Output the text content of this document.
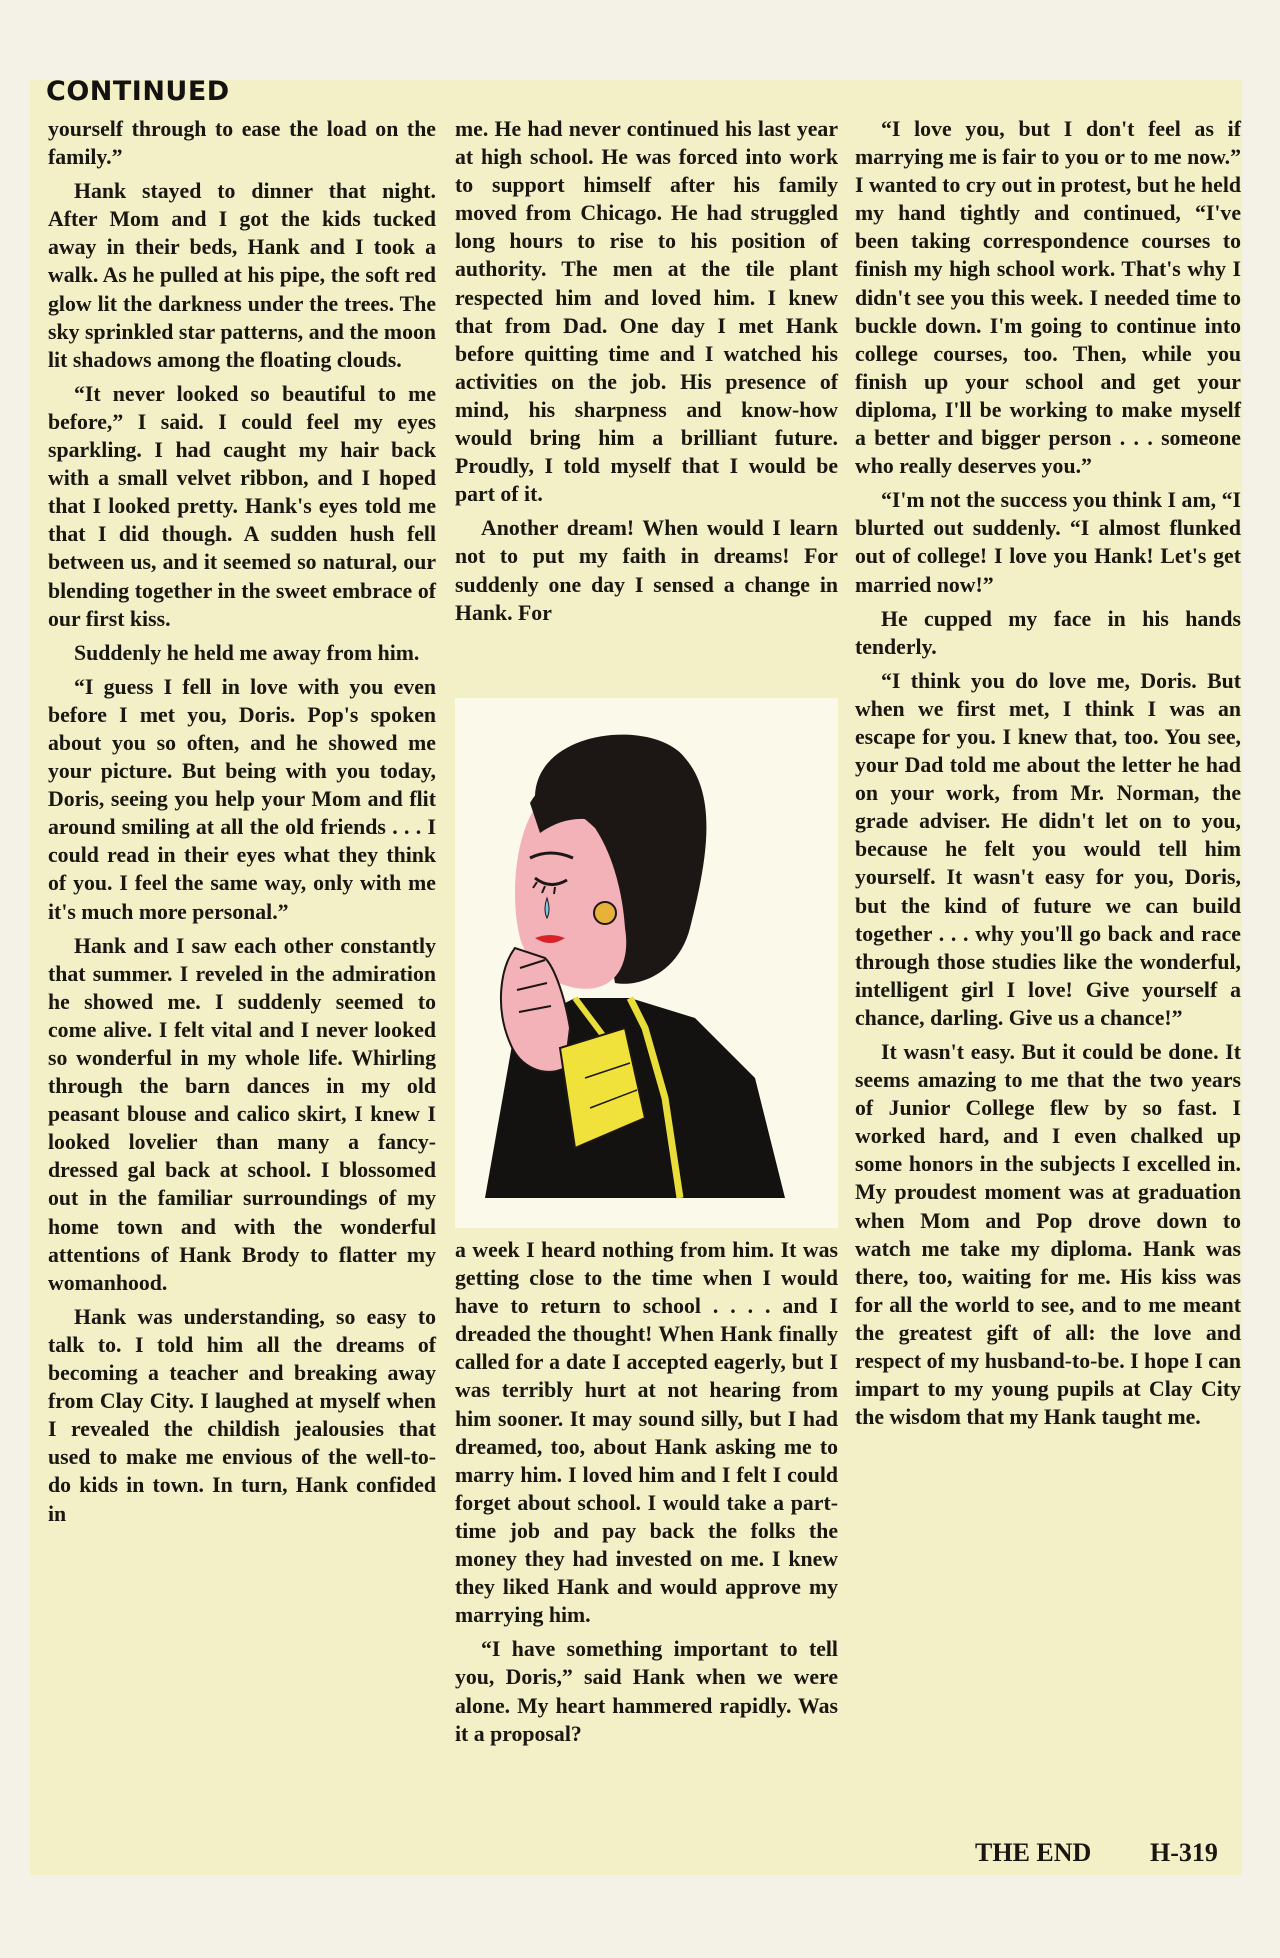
CONTINUED

yourself through to ease the load on the family.”

Hank stayed to dinner that night. After Mom and I got the kids tucked away in their beds, Hank and I took a walk. As he pulled at his pipe, the soft red glow lit the darkness under the trees. The sky sprinkled star patterns, and the moon lit shadows among the floating clouds.

“It never looked so beautiful to me before,” I said. I could feel my eyes sparkling. I had caught my hair back with a small velvet ribbon, and I hoped that I looked pretty. Hank's eyes told me that I did though. A sudden hush fell between us, and it seemed so natural, our blending together in the sweet embrace of our first kiss.

Suddenly he held me away from him.

“I guess I fell in love with you even before I met you, Doris. Pop's spoken about you so often, and he showed me your picture. But being with you today, Doris, seeing you help your Mom and flit around smiling at all the old friends . . . I could read in their eyes what they think of you. I feel the same way, only with me it's much more personal.”

Hank and I saw each other constantly that summer. I reveled in the admiration he showed me. I suddenly seemed to come alive. I felt vital and I never looked so wonderful in my whole life. Whirling through the barn dances in my old peasant blouse and calico skirt, I knew I looked lovelier than many a fancy-dressed gal back at school. I blossomed out in the familiar surroundings of my home town and with the wonderful attentions of Hank Brody to flatter my womanhood.

Hank was understanding, so easy to talk to. I told him all the dreams of becoming a teacher and breaking away from Clay City. I laughed at myself when I revealed the childish jealousies that used to make me envious of the well-to-do kids in town. In turn, Hank confided in

me. He had never continued his last year at high school. He was forced into work to support himself after his family moved from Chicago. He had struggled long hours to rise to his position of authority. The men at the tile plant respected him and loved him. I knew that from Dad. One day I met Hank before quitting time and I watched his activities on the job. His presence of mind, his sharpness and know-how would bring him a brilliant future. Proudly, I told myself that I would be part of it.

Another dream! When would I learn not to put my faith in dreams! For suddenly one day I sensed a change in Hank. For

a week I heard nothing from him. It was getting close to the time when I would have to return to school . . . . and I dreaded the thought! When Hank finally called for a date I accepted eagerly, but I was terribly hurt at not hearing from him sooner. It may sound silly, but I had dreamed, too, about Hank asking me to marry him. I loved him and I felt I could forget about school. I would take a part-time job and pay back the folks the money they had invested on me. I knew they liked Hank and would approve my marrying him.

“I have something important to tell you, Doris,” said Hank when we were alone. My heart hammered rapidly. Was it a proposal?

“I love you, but I don't feel as if marrying me is fair to you or to me now.” I wanted to cry out in protest, but he held my hand tightly and continued, “I've been taking correspondence courses to finish my high school work. That's why I didn't see you this week. I needed time to buckle down. I'm going to continue into college courses, too. Then, while you finish up your school and get your diploma, I'll be working to make myself a better and bigger person . . . someone who really deserves you.”

“I'm not the success you think I am, “I blurted out suddenly. “I almost flunked out of college! I love you Hank! Let's get married now!”

He cupped my face in his hands tenderly.

“I think you do love me, Doris. But when we first met, I think I was an escape for you. I knew that, too. You see, your Dad told me about the letter he had on your work, from Mr. Norman, the grade adviser. He didn't let on to you, because he felt you would tell him yourself. It wasn't easy for you, Doris, but the kind of future we can build together . . . why you'll go back and race through those studies like the wonderful, intelligent girl I love! Give yourself a chance, darling. Give us a chance!”

It wasn't easy. But it could be done. It seems amazing to me that the two years of Junior College flew by so fast. I worked hard, and I even chalked up some honors in the subjects I excelled in. My proudest moment was at graduation when Mom and Pop drove down to watch me take my diploma. Hank was there, too, waiting for me. His kiss was for all the world to see, and to me meant the greatest gift of all: the love and respect of my husband-to-be. I hope I can impart to my young pupils at Clay City the wisdom that my Hank taught me.

THE END H-319
